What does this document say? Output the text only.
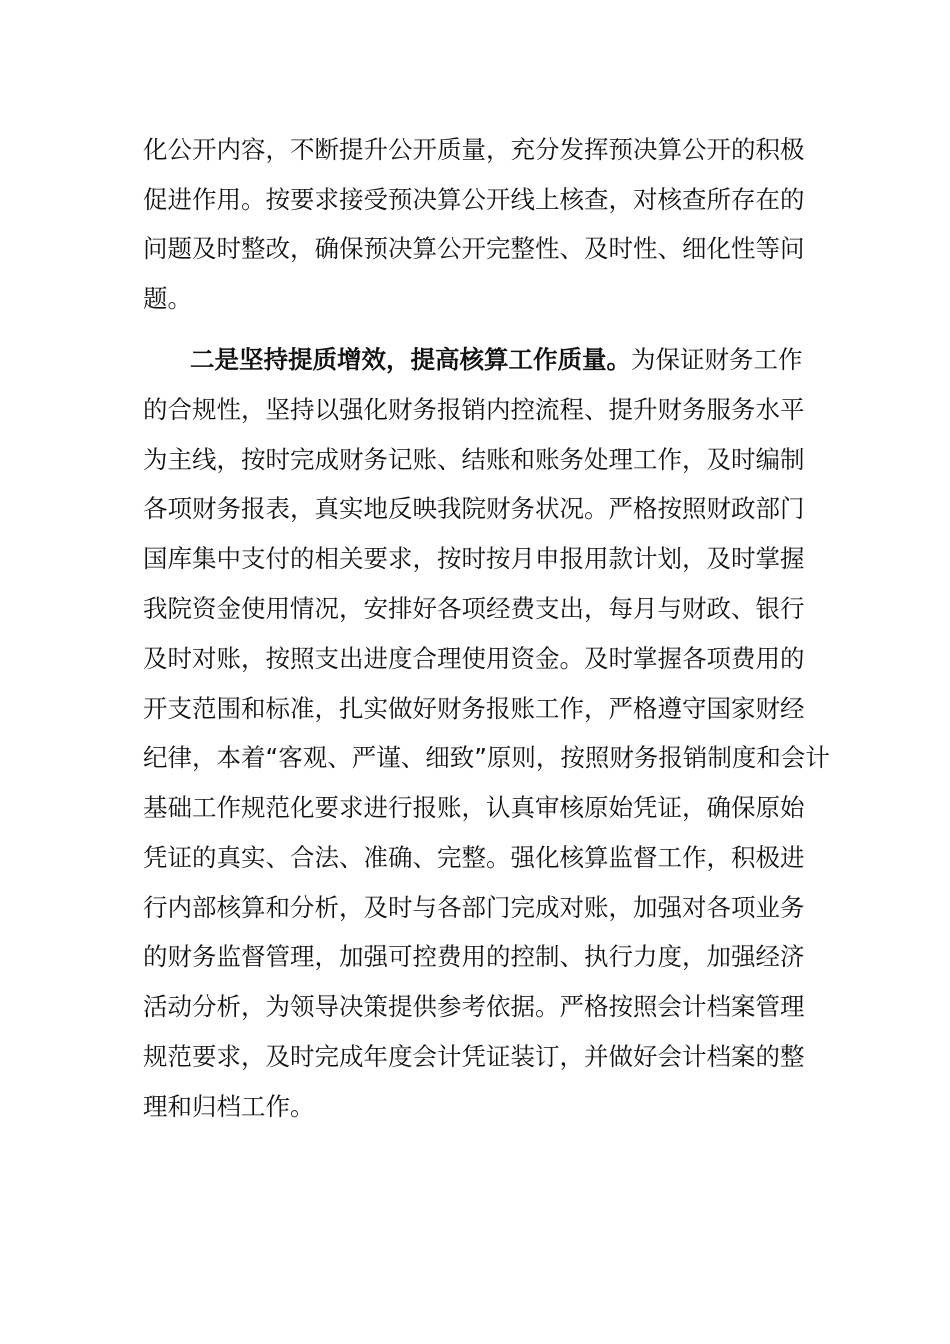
化公开内容，不断提升公开质量，充分发挥预决算公开的积极
促进作用。按要求接受预决算公开线上核查，对核查所存在的
问题及时整改，确保预决算公开完整性、及时性、细化性等问
题。
二是坚持提质增效，提高核算工作质量。为保证财务工作
的合规性，坚持以强化财务报销内控流程、提升财务服务水平
为主线，按时完成财务记账、结账和账务处理工作，及时编制
各项财务报表，真实地反映我院财务状况。严格按照财政部门
国库集中支付的相关要求，按时按月申报用款计划，及时掌握
我院资金使用情况，安排好各项经费支出，每月与财政、银行
及时对账，按照支出进度合理使用资金。及时掌握各项费用的
开支范围和标准，扎实做好财务报账工作，严格遵守国家财经
纪律，本着“客观、严谨、细致”原则，按照财务报销制度和会计
基础工作规范化要求进行报账，认真审核原始凭证，确保原始
凭证的真实、合法、准确、完整。强化核算监督工作，积极进
行内部核算和分析，及时与各部门完成对账，加强对各项业务
的财务监督管理，加强可控费用的控制、执行力度，加强经济
活动分析，为领导决策提供参考依据。严格按照会计档案管理
规范要求，及时完成年度会计凭证装订，并做好会计档案的整
理和归档工作。
